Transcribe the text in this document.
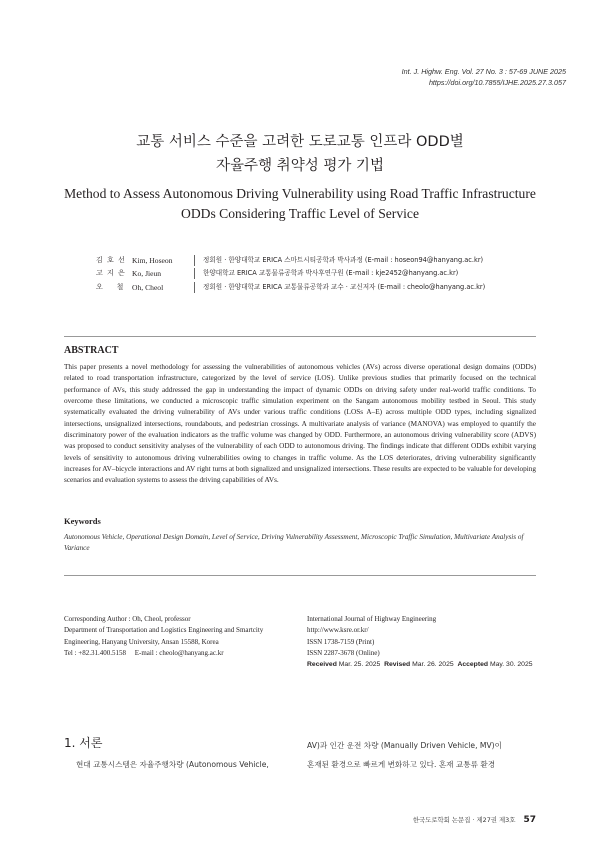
Int. J. Highw. Eng. Vol. 27 No. 3 : 57-69 JUNE 2025
https://doi.org/10.7855/IJHE.2025.27.3.057
교통 서비스 수준을 고려한 도로교통 인프라 ODD별
자율주행 취약성 평가 기법
Method to Assess Autonomous Driving Vulnerability using Road Traffic Infrastructure
ODDs Considering Traffic Level of Service
김 호 선 Kim, Hoseon	정회원 · 한양대학교 ERICA 스마트시티공학과 박사과정 (E-mail : hoseon94@hanyang.ac.kr)
고 지 은 Ko, Jieun	한양대학교 ERICA 교통물류공학과 박사후연구원 (E-mail : kje2452@hanyang.ac.kr)
오    철 Oh, Cheol	정회원 · 한양대학교 ERICA 교통물류공학과 교수 · 교신저자 (E-mail : cheolo@hanyang.ac.kr)
ABSTRACT
This paper presents a novel methodology for assessing the vulnerabilities of autonomous vehicles (AVs) across diverse operational design domains (ODDs) related to road transportation infrastructure, categorized by the level of service (LOS). Unlike previous studies that primarily focused on the technical performance of AVs, this study addressed the gap in understanding the impact of dynamic ODDs on driving safety under real-world traffic conditions. To overcome these limitations, we conducted a microscopic traffic simulation experiment on the Sangam autonomous mobility testbed in Seoul. This study systematically evaluated the driving vulnerability of AVs under various traffic conditions (LOSs A–E) across multiple ODD types, including signalized intersections, unsignalized intersections, roundabouts, and pedestrian crossings. A multivariate analysis of variance (MANOVA) was employed to quantify the discriminatory power of the evaluation indicators as the traffic volume was changed by ODD. Furthermore, an autonomous driving vulnerability score (ADVS) was proposed to conduct sensitivity analyses of the vulnerability of each ODD to autonomous driving. The findings indicate that different ODDs exhibit varying levels of sensitivity to autonomous driving vulnerabilities owing to changes in traffic volume. As the LOS deteriorates, driving vulnerability significantly increases for AV–bicycle interactions and AV right turns at both signalized and unsignalized intersections. These results are expected to be valuable for developing scenarios and evaluation systems to assess the driving capabilities of AVs.
Keywords
Autonomous Vehicle, Operational Design Domain, Level of Service, Driving Vulnerability Assessment, Microscopic Traffic Simulation, Multivariate Analysis of Variance
Corresponding Author : Oh, Cheol, professor
Department of Transportation and Logistics Engineering and Smartcity
Engineering, Hanyang University, Ansan 15588, Korea
Tel : +82.31.400.5158     E-mail : cheolo@hanyang.ac.kr
International Journal of Highway Engineering
http://www.ksre.or.kr/
ISSN 1738-7159 (Print)
ISSN 2287-3678 (Online)
Received Mar. 25. 2025 Revised Mar. 26. 2025 Accepted May. 30. 2025
1. 서론
현대 교통시스템은 자율주행차량 (Autonomous Vehicle,
AV)과 인간 운전 차량 (Manually Driven Vehicle, MV)이
혼재된 환경으로 빠르게 변화하고 있다. 혼재 교통류 환경
한국도로학회 논문집 · 제27권 제3호 57
